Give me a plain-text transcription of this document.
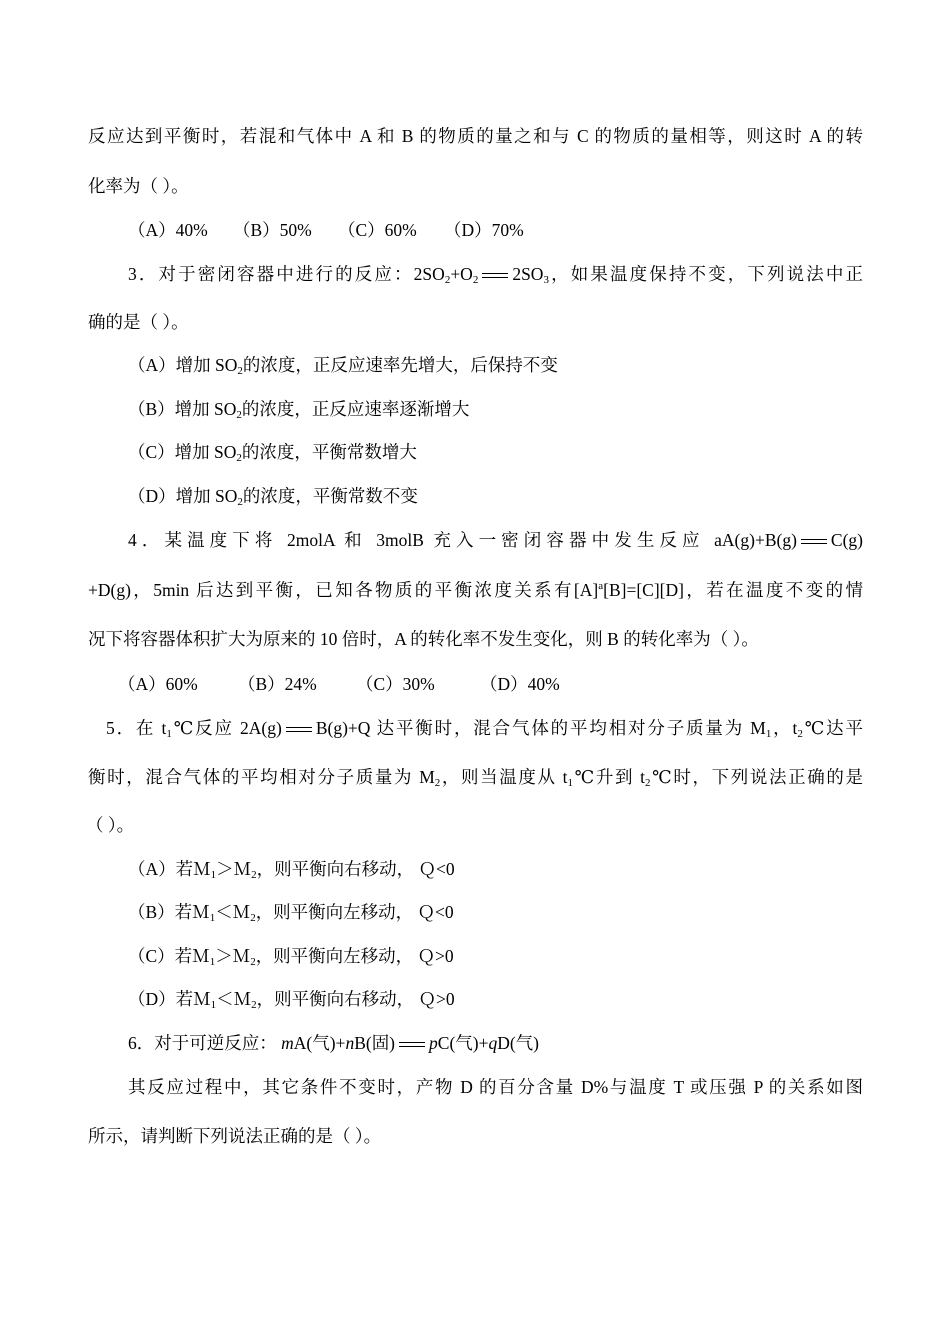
反应达到平衡时，若混和气体中 A 和 B 的物质的量之和与 C 的物质的量相等，则这时 A 的转
化率为（ ）。
（A）40% （B）50% （C）60% （D）70%
3．对于密闭容器中进行的反应：$2SO_2+O_2$ $2SO_3$，如果温度保持不变，下列说法中正
确的是（ ）。
（A）增加 $SO_2$的浓度，正反应速率先增大，后保持不变
（B）增加 $SO_2$的浓度，正反应速率逐渐增大
（C）增加 $SO_2$的浓度，平衡常数增大
（D）增加 $SO_2$的浓度，平衡常数不变
4．某温度下将 2molA 和 3molB 充入一密闭容器中发生反应 aA(g)+B(g) C(g)
+D(g)，5min 后达到平衡，已知各物质的平衡浓度关系有$[A]^a[B]=[C][D]$，若在温度不变的情
况下将容器体积扩大为原来的 10 倍时，A 的转化率不发生变化，则 B 的转化率为（ ）。
（A）60% （B）24% （C）30%	（D）40%
5．在 $t_1℃$反应 2A(g) B(g)+Q 达平衡时，混合气体的平均相对分子质量为 $M_1$，$t_2℃$达平
衡时，混合气体的平均相对分子质量为 $M_2$，则当温度从 $t_1℃$升到 $t_2℃$时，下列说法正确的是
（ ）。
（A）若Ｍ$_1$＞Ｍ$_2$，则平衡向右移动， Ｑ<0
（B）若Ｍ$_1$＜Ｍ$_2$，则平衡向左移动， Ｑ<0
（C）若Ｍ$_1$＞Ｍ$_2$，则平衡向左移动， Ｑ>0
（D）若Ｍ$_1$＜Ｍ$_2$，则平衡向右移动， Ｑ>0
6．对于可逆反应： mA(气)+nB(固) pC(气)+qD(气)
其反应过程中，其它条件不变时，产物 D 的百分含量 D%与温度 T 或压强 P 的关系如图
所示，请判断下列说法正确的是（ ）。
